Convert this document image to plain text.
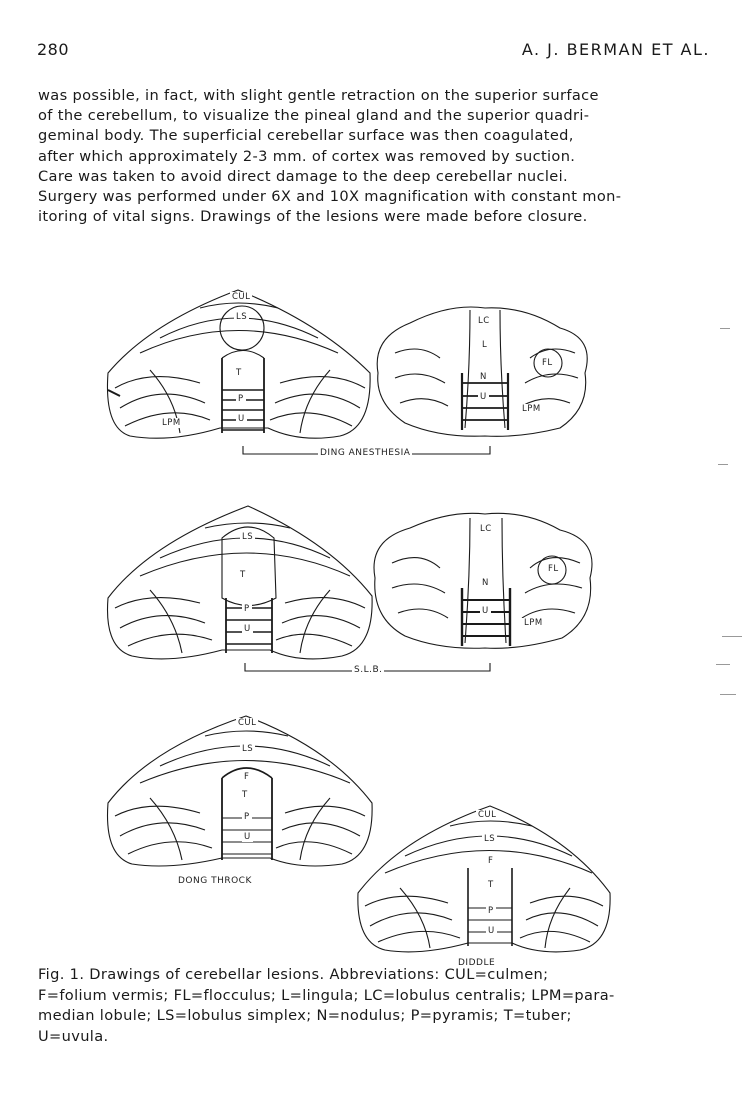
280	A. J. BERMAN ET AL.

was possible, in fact, with slight gentle retraction on the superior surface
of the cerebellum, to visualize the pineal gland and the superior quadri-
geminal body. The superficial cerebellar surface was then coagulated,
after which approximately 2-3 mm. of cortex was removed by suction.
Care was taken to avoid direct damage to the deep cerebellar nuclei.
Surgery was performed under 6X and 10X magnification with constant mon-
itoring of vital signs. Drawings of the lesions were made before closure.

CUL
LS
T
P
U
LPM
LC
L
FL
N
U
LPM
LS
T
P
U
LC
FL
N
U
LPM
CUL
LS
F
T
P
U
CUL
LS
F
T
P
U
DING ANESTHESIA
S.L.B.
DONG THROCK
DIDDLE

Fig. 1. Drawings of cerebellar lesions. Abbreviations: CUL=culmen;
F=folium vermis; FL=flocculus; L=lingula; LC=lobulus centralis; LPM=para-
median lobule; LS=lobulus simplex; N=nodulus; P=pyramis; T=tuber;
U=uvula.
